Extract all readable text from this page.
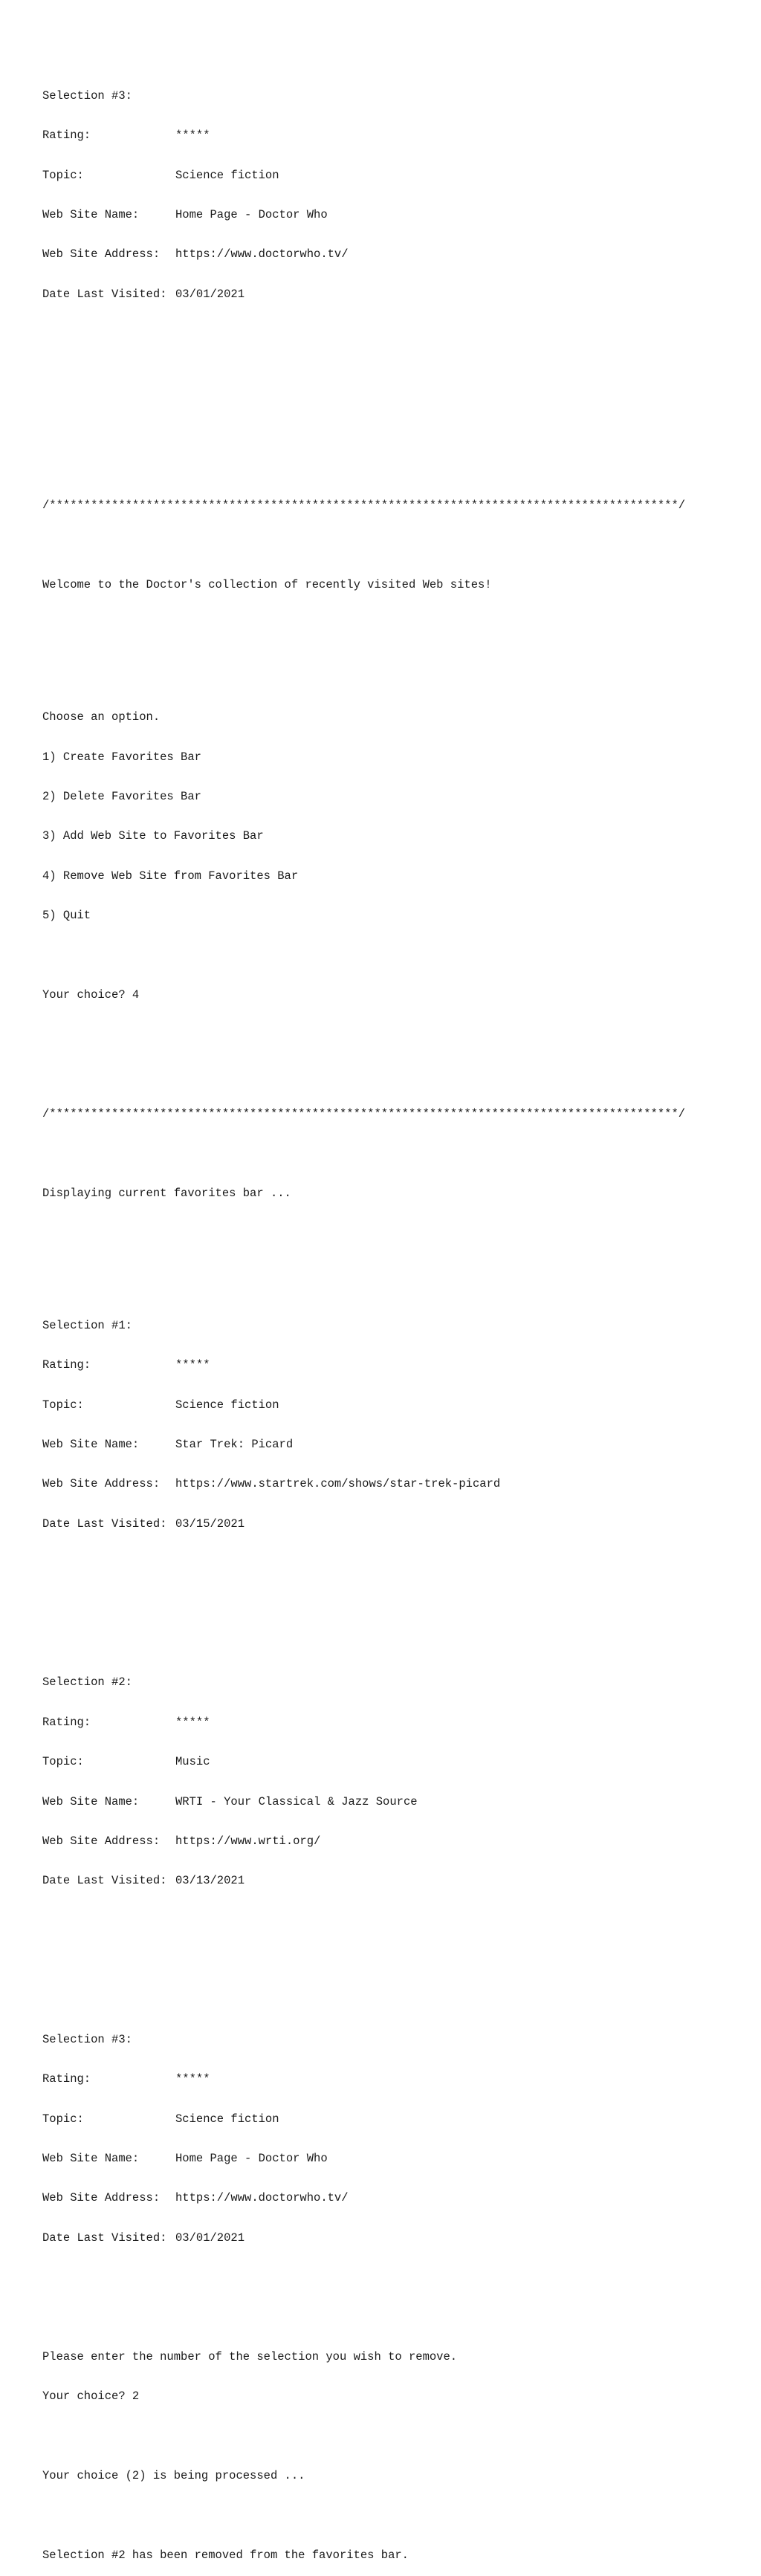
Selection #3:

Rating:	*****

Topic:	Science fiction

Web Site Name:	Home Page - Doctor Who

Web Site Address:	https://www.doctorwho.tv/

Date Last Visited: 03/01/2021

/*******************************************************************************************/

Welcome to the Doctor's collection of recently visited Web sites!

Choose an option.

1) Create Favorites Bar

2) Delete Favorites Bar

3) Add Web Site to Favorites Bar

4) Remove Web Site from Favorites Bar

5) Quit

Your choice? 4

/*******************************************************************************************/

Displaying current favorites bar ...

Selection #1:

Rating:	*****

Topic:	Science fiction

Web Site Name:	Star Trek: Picard

Web Site Address:	https://www.startrek.com/shows/star-trek-picard

Date Last Visited: 03/15/2021

Selection #2:

Rating:	*****

Topic:	Music

Web Site Name:	WRTI - Your Classical & Jazz Source

Web Site Address:	https://www.wrti.org/

Date Last Visited: 03/13/2021

Selection #3:

Rating:	*****

Topic:	Science fiction

Web Site Name:	Home Page - Doctor Who

Web Site Address:	https://www.doctorwho.tv/

Date Last Visited: 03/01/2021

Please enter the number of the selection you wish to remove.

Your choice? 2

Your choice (2) is being processed ...

Selection #2 has been removed from the favorites bar.
